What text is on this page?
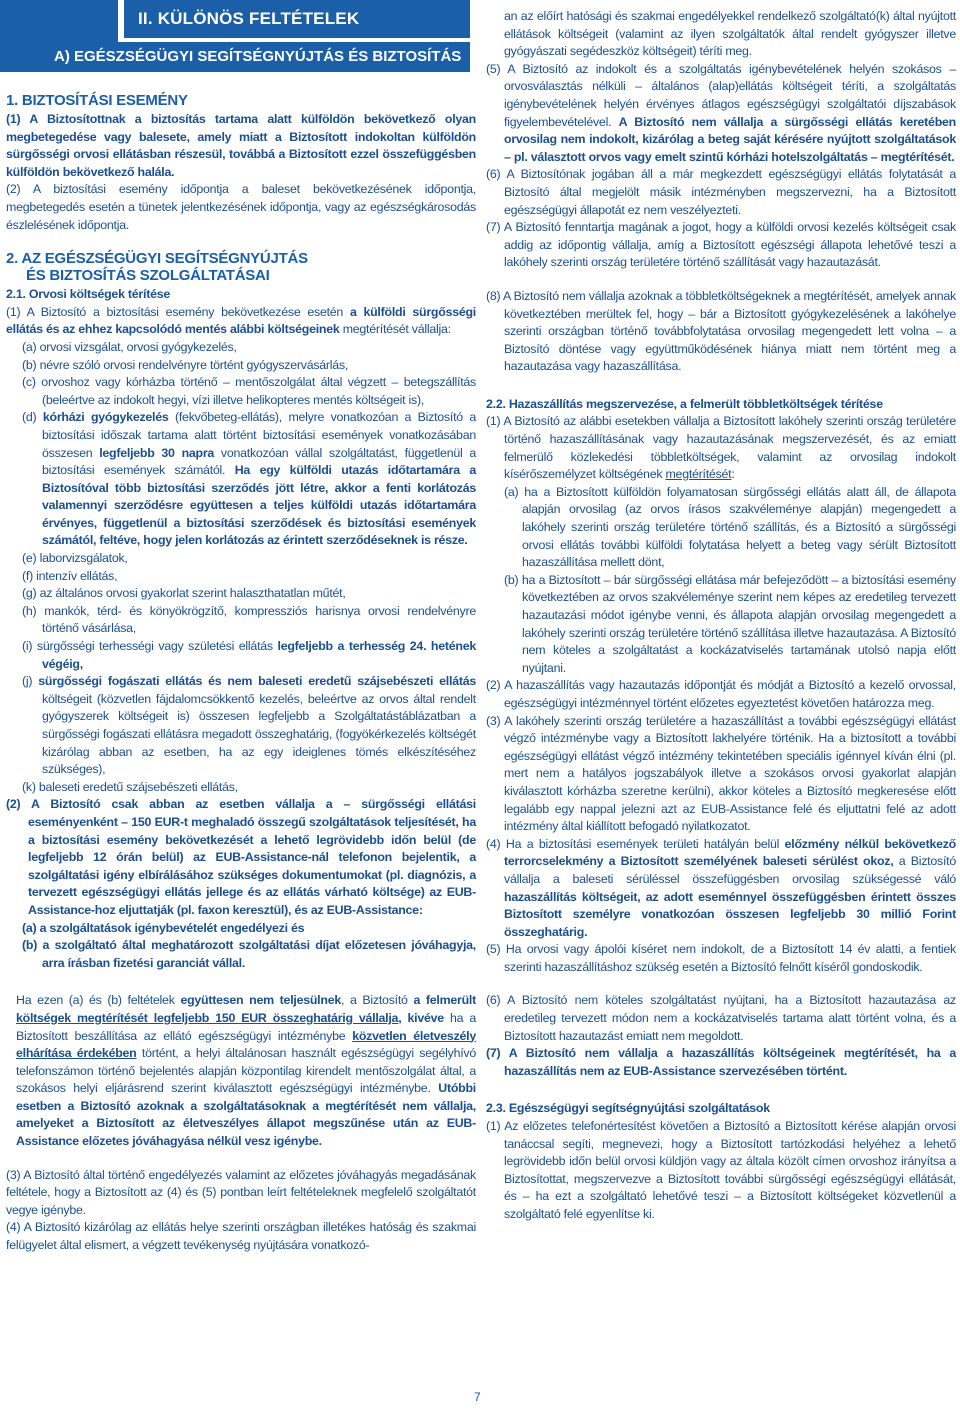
II. KÜLÖNÖS FELTÉTELEK
A) EGÉSZSÉGÜGYI SEGÍTSÉGNYÚJTÁS ÉS BIZTOSÍTÁS
1. BIZTOSÍTÁSI ESEMÉNY

(1) A Biztosítottnak a biztosítás tartama alatt külföldön bekövetkező olyan megbetegedése vagy balesete, amely miatt a Biztosított indokoltan külföldön sürgősségi orvosi ellátásban részesül, továbbá a Biztosított ezzel összefüggésben külföldön bekövetkező halála.

(2) A biztosítási esemény időpontja a baleset bekövetkezésének időpontja, megbetegedés esetén a tünetek jelentkezésének időpontja, vagy az egészségkárosodás észlelésének időpontja.

2. AZ EGÉSZSÉGÜGYI SEGÍTSÉGNYÚJTÁS
ÉS BIZTOSÍTÁS SZOLGÁLTATÁSAI
2.1. Orvosi költségek térítése

(1) A Biztosító a biztosítási esemény bekövetkezése esetén a külföldi sürgősségi ellátás és az ehhez kapcsolódó mentés alábbi költségeinek megtérítését vállalja:

(a) orvosi vizsgálat, orvosi gyógykezelés,

(b) névre szóló orvosi rendelvényre történt gyógyszervásárlás,

(c) orvoshoz vagy kórházba történő – mentőszolgálat által végzett – betegszállítás (beleértve az indokolt hegyi, vízi illetve helikopteres mentés költségeit is),

(d) kórházi gyógykezelés (fekvőbeteg-ellátás), melyre vonatkozóan a Biztosító a biztosítási időszak tartama alatt történt biztosítási események vonatkozásában összesen legfeljebb 30 napra vonatkozóan vállal szolgáltatást, függetlenül a biztosítási események számától. Ha egy külföldi utazás időtartamára a Biztosítóval több biztosítási szerződés jött létre, akkor a fenti korlátozás valamennyi szerződésre együttesen a teljes külföldi utazás időtartamára érvényes, függetlenül a biztosítási szerződések és biztosítási események számától, feltéve, hogy jelen korlátozás az érintett szerződéseknek is része.

(e) laborvizsgálatok,

(f) intenzív ellátás,

(g) az általános orvosi gyakorlat szerint halaszthatatlan műtét,

(h) mankók, térd- és könyökrögzítő, kompressziós harisnya orvosi rendelvényre történő vásárlása,

(i) sürgősségi terhességi vagy születési ellátás legfeljebb a terhesség 24. hetének végéig,

(j) sürgősségi fogászati ellátás és nem baleseti eredetű szájsebészeti ellátás költségeit (közvetlen fájdalomcsökkentő kezelés, beleértve az orvos által rendelt gyógyszerek költségeit is) összesen legfeljebb a Szolgáltatástáblázatban a sürgősségi fogászati ellátásra megadott összeghatárig, (fogyökérkezelés költségét kizárólag abban az esetben, ha az egy ideiglenes tömés elkészítéséhez szükséges),

(k) baleseti eredetű szájsebészeti ellátás,

(2) A Biztosító csak abban az esetben vállalja a – sürgősségi ellátási eseményenként – 150 EUR-t meghaladó összegű szolgáltatások teljesítését, ha a biztosítási esemény bekövetkezését a lehető legrövidebb időn belül (de legfeljebb 12 órán belül) az EUB-Assistance-nál telefonon bejelentik, a szolgáltatási igény elbírálásához szükséges dokumentumokat (pl. diagnózis, a tervezett egészségügyi ellátás jellege és az ellátás várható költsége) az EUB-Assistance-hoz eljuttatják (pl. faxon keresztül), és az EUB-Assistance:

(a) a szolgáltatások igénybevételét engedélyezi és

(b) a szolgáltató által meghatározott szolgáltatási díjat előzetesen jóváhagyja, arra írásban fizetési garanciát vállal.

Ha ezen (a) és (b) feltételek együttesen nem teljesülnek, a Biztosító a felmerült költségek megtérítését legfeljebb 150 EUR összeghatárig vállalja, kivéve ha a Biztosított beszállítása az ellátó egészségügyi intézménybe közvetlen életveszély elhárítása érdekében történt, a helyi általánosan használt egészségügyi segélyhívó telefonszámon történő bejelentés alapján központilag kirendelt mentőszolgálat által, a szokásos helyi eljárásrend szerint kiválasztott egészségügyi intézménybe. Utóbbi esetben a Biztosító azoknak a szolgáltatásoknak a megtérítését nem vállalja, amelyeket a Biztosított az életveszélyes állapot megszűnése után az EUB-Assistance előzetes jóváhagyása nélkül vesz igénybe.

(3) A Biztosító által történő engedélyezés valamint az előzetes jóváhagyás megadásának feltétele, hogy a Biztosított az (4) és (5) pontban leírt feltételeknek megfelelő szolgáltatót vegye igénybe.

(4) A Biztosító kizárólag az ellátás helye szerinti országban illetékes hatóság és szakmai felügyelet által elismert, a végzett tevékenység nyújtására vonatkozó-

an az előírt hatósági és szakmai engedélyekkel rendelkező szolgáltató(k) által nyújtott ellátások költségeit (valamint az ilyen szolgáltatók által rendelt gyógyszer illetve gyógyászati segédeszköz költségeit) téríti meg.

(5) A Biztosító az indokolt és a szolgáltatás igénybevételének helyén szokásos – orvosválasztás nélküli – általános (alap)ellátás költségeit téríti, a szolgáltatás igénybevételének helyén érvényes átlagos egészségügyi szolgáltatói díjszabások figyelembevételével. A Biztosító nem vállalja a sürgősségi ellátás keretében orvosilag nem indokolt, kizárólag a beteg saját kérésére nyújtott szolgáltatások – pl. választott orvos vagy emelt szintű kórházi hotelszolgáltatás – megtérítését.

(6) A Biztosítónak jogában áll a már megkezdett egészségügyi ellátás folytatását a Biztosító által megjelölt másik intézményben megszervezni, ha a Biztosított egészségügyi állapotát ez nem veszélyezteti.

(7) A Biztosító fenntartja magának a jogot, hogy a külföldi orvosi kezelés költségeit csak addig az időpontig vállalja, amíg a Biztosított egészségi állapota lehetővé teszi a lakóhely szerinti ország területére történő szállítását vagy hazautazását.

(8) A Biztosító nem vállalja azoknak a többletköltségeknek a megtérítését, amelyek annak következtében merültek fel, hogy – bár a Biztosított gyógykezelésének a lakóhelye szerinti országban történő továbbfolytatása orvosilag megengedett lett volna – a Biztosító döntése vagy együttműködésének hiánya miatt nem történt meg a hazautazása vagy hazaszállítása.

2.2. Hazaszállítás megszervezése, a felmerült többletköltségek térítése

(1) A Biztosító az alábbi esetekben vállalja a Biztosított lakóhely szerinti ország területére történő hazaszállításának vagy hazautazásának megszervezését, és az emiatt felmerülő közlekedési többletköltségek, valamint az orvosilag indokolt kísérőszemélyzet költségének megtérítését:

(a) ha a Biztosított külföldön folyamatosan sürgősségi ellátás alatt áll, de állapota alapján orvosilag (az orvos írásos szakvéleménye alapján) megengedett a lakóhely szerinti ország területére történő szállítás, és a Biztosító a sürgősségi orvosi ellátás további külföldi folytatása helyett a beteg vagy sérült Biztosított hazaszállítása mellett dönt,

(b) ha a Biztosított – bár sürgősségi ellátása már befejeződött – a biztosítási esemény következtében az orvos szakvéleménye szerint nem képes az eredetileg tervezett hazautazási módot igénybe venni, és állapota alapján orvosilag megengedett a lakóhely szerinti ország területére történő szállítása illetve hazautazása. A Biztosító nem köteles a szolgáltatást a kockázatviselés tartamának utolsó napja előtt nyújtani.

(2) A hazaszállítás vagy hazautazás időpontját és módját a Biztosító a kezelő orvossal, egészségügyi intézménnyel történt előzetes egyeztetést követően határozza meg.

(3) A lakóhely szerinti ország területére a hazaszállítást a további egészségügyi ellátást végző intézménybe vagy a Biztosított lakhelyére történik. Ha a biztosított a további egészségügyi ellátást végző intézmény tekintetében speciális igénnyel kíván élni (pl. mert nem a hatályos jogszabályok illetve a szokásos orvosi gyakorlat alapján kiválasztott kórházba szeretne kerülni), akkor köteles a Biztosító megkeresése előtt legalább egy nappal jelezni azt az EUB-Assistance felé és eljuttatni felé az adott intézmény által kiállított befogadó nyilatkozatot.

(4) Ha a biztosítási események területi hatályán belül előzmény nélkül bekövetkező terrorcselekmény a Biztosított személyének baleseti sérülést okoz, a Biztosító vállalja a baleseti sérüléssel összefüggésben orvosilag szükségessé váló hazaszállítás költségeit, az adott eseménnyel összefüggésben érintett összes Biztosított személyre vonatkozóan összesen legfeljebb 30 millió Forint összeghatárig.

(5) Ha orvosi vagy ápolói kíséret nem indokolt, de a Biztosított 14 év alatti, a fentiek szerinti hazaszállításhoz szükség esetén a Biztosító felnőtt kíséről gondoskodik.

(6) A Biztosító nem köteles szolgáltatást nyújtani, ha a Biztosított hazautazása az eredetileg tervezett módon nem a kockázatviselés tartama alatt történt volna, és a Biztosított hazautazást emiatt nem megoldott.

(7) A Biztosító nem vállalja a hazaszállítás költségeinek megtérítését, ha a hazaszállítás nem az EUB-Assistance szervezésében történt.

2.3. Egészségügyi segítségnyújtási szolgáltatások

(1) Az előzetes telefonértesítést követően a Biztosító a Biztosított kérése alapján orvosi tanáccsal segíti, megnevezi, hogy a Biztosított tartózkodási helyéhez a lehető legrövidebb időn belül orvosi küldjön vagy az általa közölt címen orvoshoz irányítsa a Biztosítottat, megszervezve a Biztosított további sürgősségi egészségügyi ellátását, és – ha ezt a szolgáltató lehetővé teszi – a Biztosított költségeket közvetlenül a szolgáltató felé egyenlítse ki.

7
